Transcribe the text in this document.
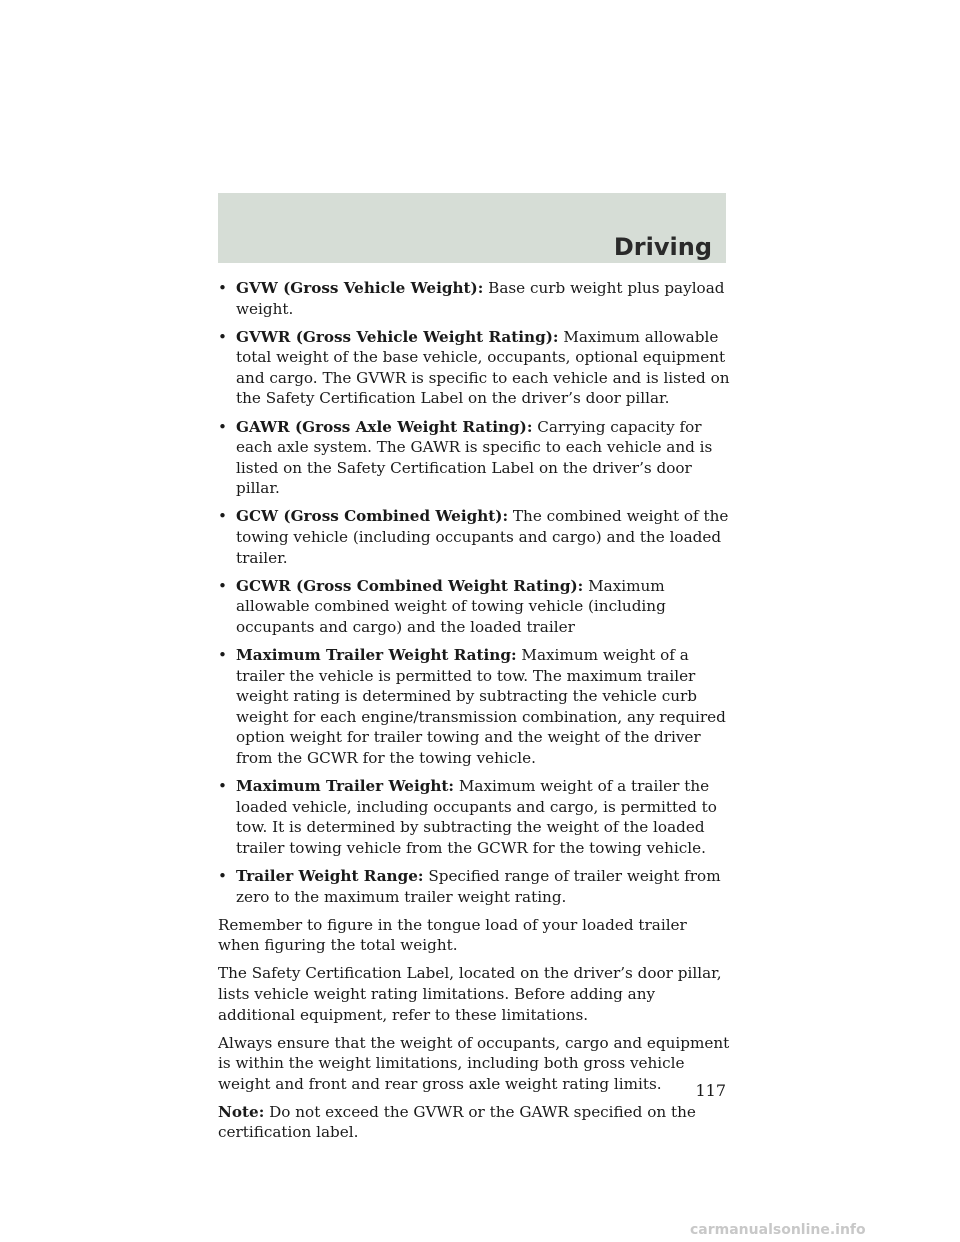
Driving
• GVW (Gross Vehicle Weight): Base curb weight plus payload weight.
• GVWR (Gross Vehicle Weight Rating): Maximum allowable total weight of the base vehicle, occupants, optional equipment and cargo. The GVWR is specific to each vehicle and is listed on the Safety Certification Label on the driver’s door pillar.
• GAWR (Gross Axle Weight Rating): Carrying capacity for each axle system. The GAWR is specific to each vehicle and is listed on the Safety Certification Label on the driver’s door pillar.
• GCW (Gross Combined Weight): The combined weight of the towing vehicle (including occupants and cargo) and the loaded trailer.
• GCWR (Gross Combined Weight Rating): Maximum allowable combined weight of towing vehicle (including occupants and cargo) and the loaded trailer
• Maximum Trailer Weight Rating: Maximum weight of a trailer the vehicle is permitted to tow. The maximum trailer weight rating is determined by subtracting the vehicle curb weight for each engine/transmission combination, any required option weight for trailer towing and the weight of the driver from the GCWR for the towing vehicle.
• Maximum Trailer Weight: Maximum weight of a trailer the loaded vehicle, including occupants and cargo, is permitted to tow. It is determined by subtracting the weight of the loaded trailer towing vehicle from the GCWR for the towing vehicle.
• Trailer Weight Range: Specified range of trailer weight from zero to the maximum trailer weight rating.

Remember to figure in the tongue load of your loaded trailer when figuring the total weight.

The Safety Certification Label, located on the driver’s door pillar, lists vehicle weight rating limitations. Before adding any additional equipment, refer to these limitations.

Always ensure that the weight of occupants, cargo and equipment is within the weight limitations, including both gross vehicle weight and front and rear gross axle weight rating limits.

Note: Do not exceed the GVWR or the GAWR specified on the certification label.

117
carmanualsonline.info
